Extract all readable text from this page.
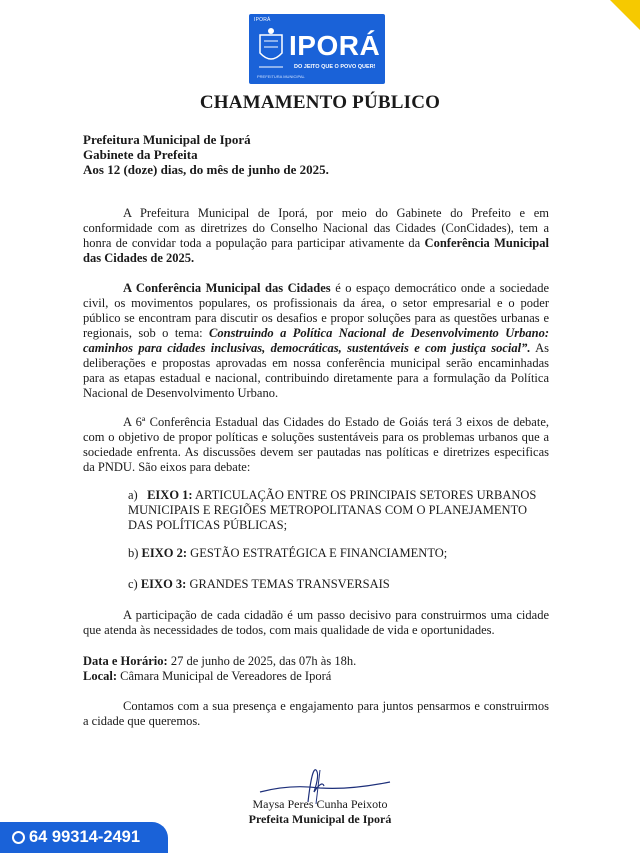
IPORÁ
IPORÁ
DO JEITO QUE O POVO QUER!
PREFEITURA MUNICIPAL
CHAMAMENTO PÚBLICO
Prefeitura Municipal de Iporá
Gabinete da Prefeita
Aos 12 (doze) dias, do mês de junho de 2025.
A Prefeitura Municipal de Iporá, por meio do Gabinete do Prefeito e em conformidade com as diretrizes do Conselho Nacional das Cidades (ConCidades), tem a honra de convidar toda a população para participar ativamente da Conferência Municipal das Cidades de 2025.
A Conferência Municipal das Cidades é o espaço democrático onde a sociedade civil, os movimentos populares, os profissionais da área, o setor empresarial e o poder público se encontram para discutir os desafios e propor soluções para as questões urbanas e regionais, sob o tema: Construindo a Política Nacional de Desenvolvimento Urbano: caminhos para cidades inclusivas, democráticas, sustentáveis e com justiça social”. As deliberações e propostas aprovadas em nossa conferência municipal serão encaminhadas para as etapas estadual e nacional, contribuindo diretamente para a formulação da Política Nacional de Desenvolvimento Urbano.
A 6ª Conferência Estadual das Cidades do Estado de Goiás terá 3 eixos de debate, com o objetivo de propor políticas e soluções sustentáveis para os problemas urbanos que a sociedade enfrenta. As discussões devem ser pautadas nas políticas e diretrizes especificas da PNDU. São eixos para debate:
a) EIXO 1: ARTICULAÇÃO ENTRE OS PRINCIPAIS SETORES URBANOS MUNICIPAIS E REGIÕES METROPOLITANAS COM O PLANEJAMENTO DAS POLÍTICAS PÚBLICAS;
b) EIXO 2: GESTÃO ESTRATÉGICA E FINANCIAMENTO;
c) EIXO 3: GRANDES TEMAS TRANSVERSAIS
A participação de cada cidadão é um passo decisivo para construirmos uma cidade que atenda às necessidades de todos, com mais qualidade de vida e oportunidades.
Data e Horário: 27 de junho de 2025, das 07h às 18h.
Local: Câmara Municipal de Vereadores de Iporá
Contamos com a sua presença e engajamento para juntos pensarmos e construirmos a cidade que queremos.
Maysa Peres Cunha Peixoto
Prefeita Municipal de Iporá
64 99314-2491
